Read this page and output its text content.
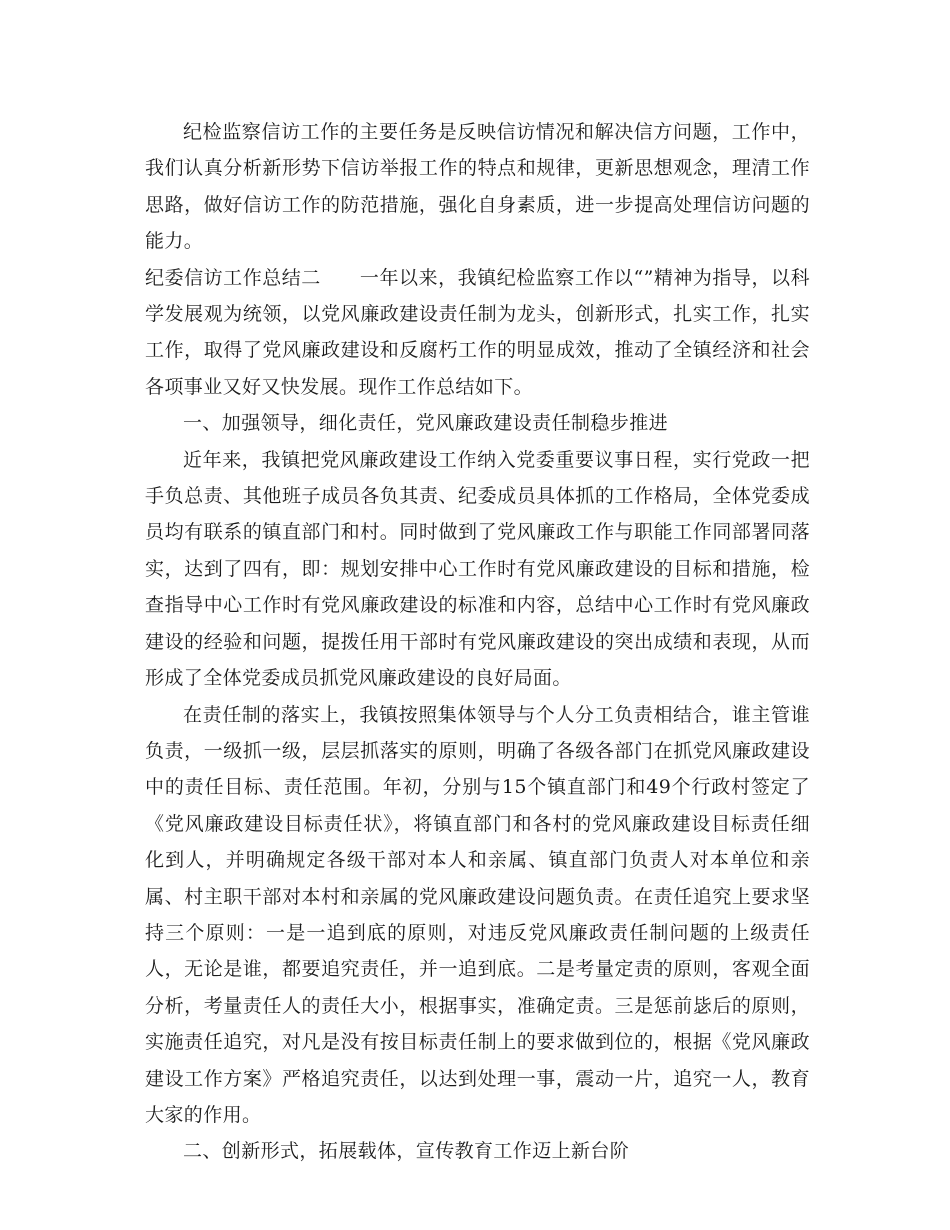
纪检监察信访工作的主要任务是反映信访情况和解决信方问题，工作中，我们认真分析新形势下信访举报工作的特点和规律，更新思想观念，理清工作思路，做好信访工作的防范措施，强化自身素质，进一步提高处理信访问题的能力。

纪委信访工作总结二　　一年以来，我镇纪检监察工作以“”精神为指导，以科学发展观为统领，以党风廉政建设责任制为龙头，创新形式，扎实工作，扎实工作，取得了党风廉政建设和反腐朽工作的明显成效，推动了全镇经济和社会各项事业又好又快发展。现作工作总结如下。

一、加强领导，细化责任，党风廉政建设责任制稳步推进

近年来，我镇把党风廉政建设工作纳入党委重要议事日程，实行党政一把手负总责、其他班子成员各负其责、纪委成员具体抓的工作格局，全体党委成员均有联系的镇直部门和村。同时做到了党风廉政工作与职能工作同部署同落实，达到了四有，即：规划安排中心工作时有党风廉政建设的目标和措施，检查指导中心工作时有党风廉政建设的标准和内容，总结中心工作时有党风廉政建设的经验和问题，提拨任用干部时有党风廉政建设的突出成绩和表现，从而形成了全体党委成员抓党风廉政建设的良好局面。

在责任制的落实上，我镇按照集体领导与个人分工负责相结合，谁主管谁负责，一级抓一级，层层抓落实的原则，明确了各级各部门在抓党风廉政建设中的责任目标、责任范围。年初，分别与15个镇直部门和49个行政村签定了《党风廉政建设目标责任状》，将镇直部门和各村的党风廉政建设目标责任细化到人，并明确规定各级干部对本人和亲属、镇直部门负责人对本单位和亲属、村主职干部对本村和亲属的党风廉政建设问题负责。在责任追究上要求坚持三个原则：一是一追到底的原则，对违反党风廉政责任制问题的上级责任人，无论是谁，都要追究责任，并一追到底。二是考量定责的原则，客观全面分析，考量责任人的责任大小，根据事实，准确定责。三是惩前毖后的原则，实施责任追究，对凡是没有按目标责任制上的要求做到位的，根据《党风廉政建设工作方案》严格追究责任，以达到处理一事，震动一片，追究一人，教育大家的作用。

二、创新形式，拓展载体，宣传教育工作迈上新台阶
